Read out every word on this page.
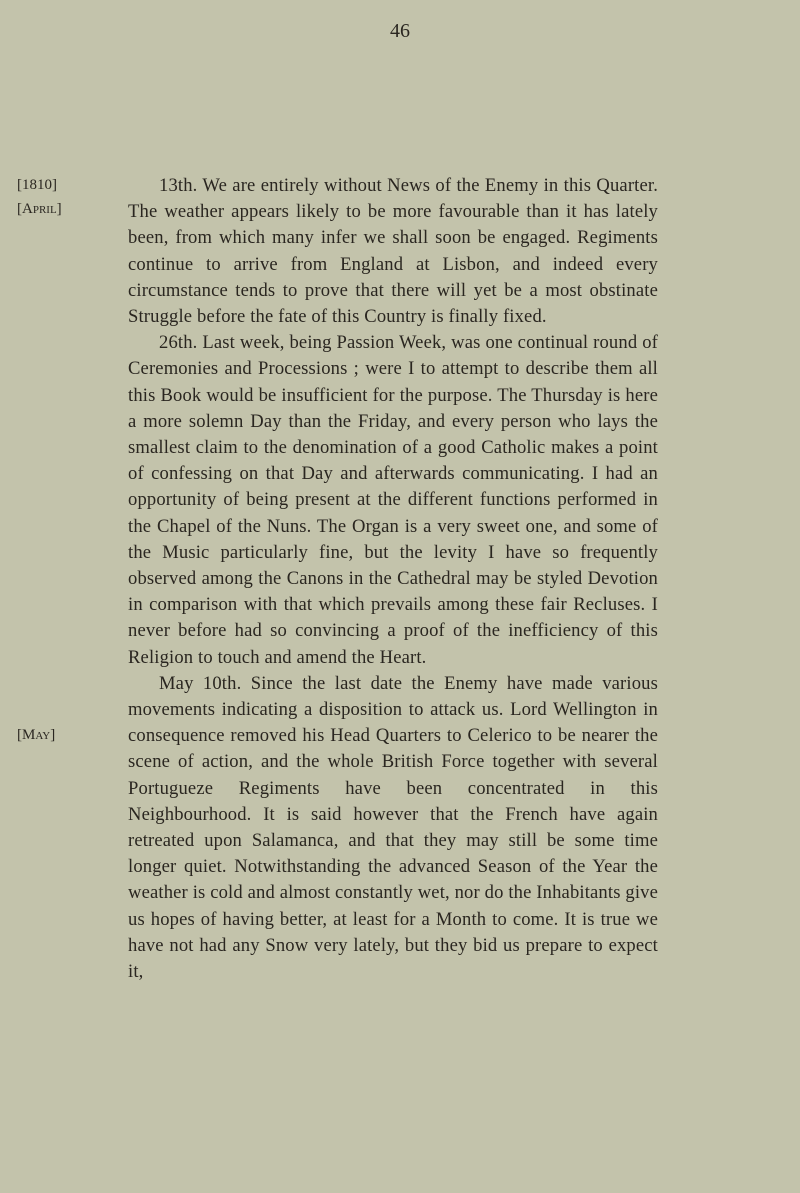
46
[1810]
[April]
[May]

13th. We are entirely without News of the Enemy in this Quarter. The weather appears likely to be more favourable than it has lately been, from which many infer we shall soon be engaged. Regiments continue to arrive from England at Lisbon, and indeed every circumstance tends to prove that there will yet be a most obstinate Struggle before the fate of this Country is finally fixed.

26th. Last week, being Passion Week, was one continual round of Ceremonies and Processions ; were I to attempt to describe them all this Book would be insufficient for the purpose. The Thursday is here a more solemn Day than the Friday, and every person who lays the smallest claim to the denomination of a good Catholic makes a point of confessing on that Day and afterwards communicating. I had an opportunity of being present at the different functions performed in the Chapel of the Nuns. The Organ is a very sweet one, and some of the Music particularly fine, but the levity I have so frequently observed among the Canons in the Cathedral may be styled Devotion in comparison with that which prevails among these fair Recluses. I never before had so convincing a proof of the inefficiency of this Religion to touch and amend the Heart.

May 10th. Since the last date the Enemy have made various movements indicating a disposition to attack us. Lord Wellington in consequence removed his Head Quarters to Celerico to be nearer the scene of action, and the whole British Force together with several Portugueze Regiments have been concentrated in this Neighbourhood. It is said however that the French have again retreated upon Salamanca, and that they may still be some time longer quiet. Notwithstanding the advanced Season of the Year the weather is cold and almost constantly wet, nor do the Inhabitants give us hopes of having better, at least for a Month to come. It is true we have not had any Snow very lately, but they bid us prepare to expect it,
